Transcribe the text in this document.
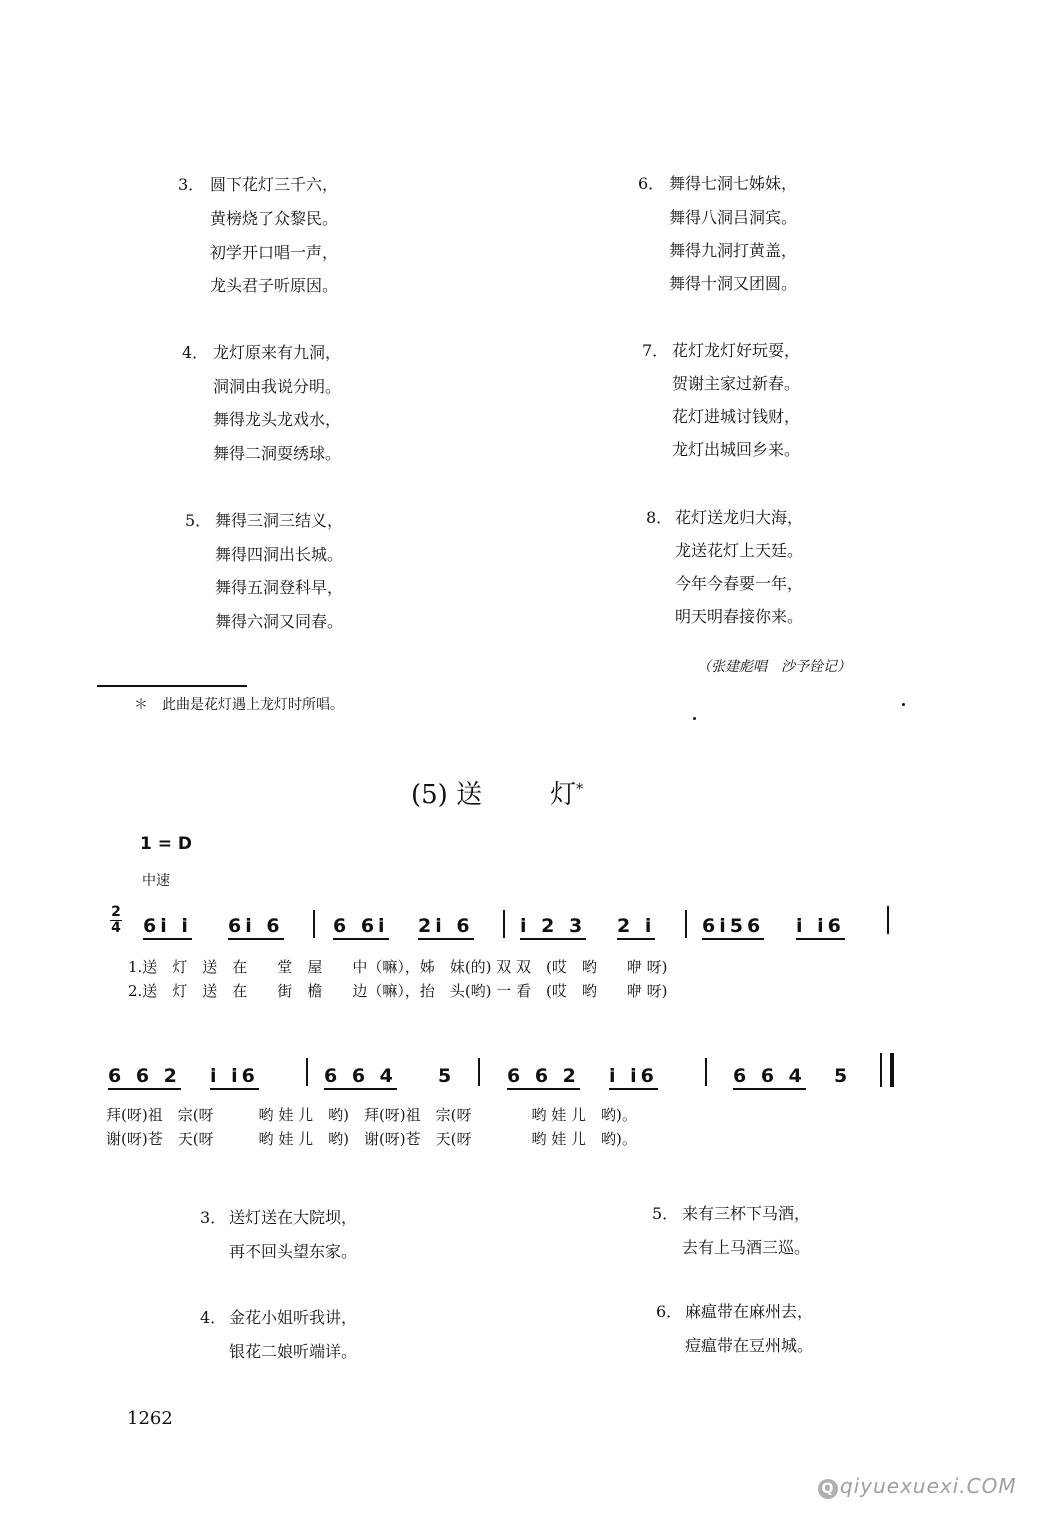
3． 圆下花灯三千六，
黄榜烧了众黎民。
初学开口唱一声，
龙头君子听原因。
4． 龙灯原来有九洞，
洞洞由我说分明。
舞得龙头龙戏水，
舞得二洞耍绣球。
5． 舞得三洞三结义，
舞得四洞出长城。
舞得五洞登科早，
舞得六洞又同春。
6． 舞得七洞七姊妹，
舞得八洞吕洞宾。
舞得九洞打黄盖，
舞得十洞又团圆。
7． 花灯龙灯好玩耍，
贺谢主家过新春。
花灯进城讨钱财，
龙灯出城回乡来。
8． 花灯送龙归大海，
龙送花灯上天廷。
今年今春要一年，
明天明春接你来。
（张建彪唱　沙予铨记）
＊　此曲是花灯遇上龙灯时所唱。
(5) 送	灯*
1 = D
中速
2
4 6i i 6i 6	6 6i 2i 6 i 2 3 2 i 6i56 i i6
1.送　灯　送　在　　堂　屋　　中（嘛），姊　妹(的) 双 双　(哎　哟　　咿 呀)
2.送　灯　送　在　　街　檐　　边（嘛），抬　头(哟) 一 看　(哎　哟　　咿 呀)
6 6 2 i i6	6 6 4 5	6 6 2 i i6	6 6 4 5
拜(呀)祖　宗(呀　　　哟 娃 儿　哟)　拜(呀)祖　宗(呀　　　　哟 娃 儿　哟)。
谢(呀)苍　天(呀　　　哟 娃 儿　哟)　谢(呀)苍　天(呀　　　　哟 娃 儿　哟)。
3． 送灯送在大院坝，
再不回头望东家。
4． 金花小姐听我讲，
银花二娘听端详。
5． 来有三杯下马酒，
去有上马酒三巡。
6． 麻瘟带在麻州去，
痘瘟带在豆州城。
1262
Q qiyuexuexi.COM
